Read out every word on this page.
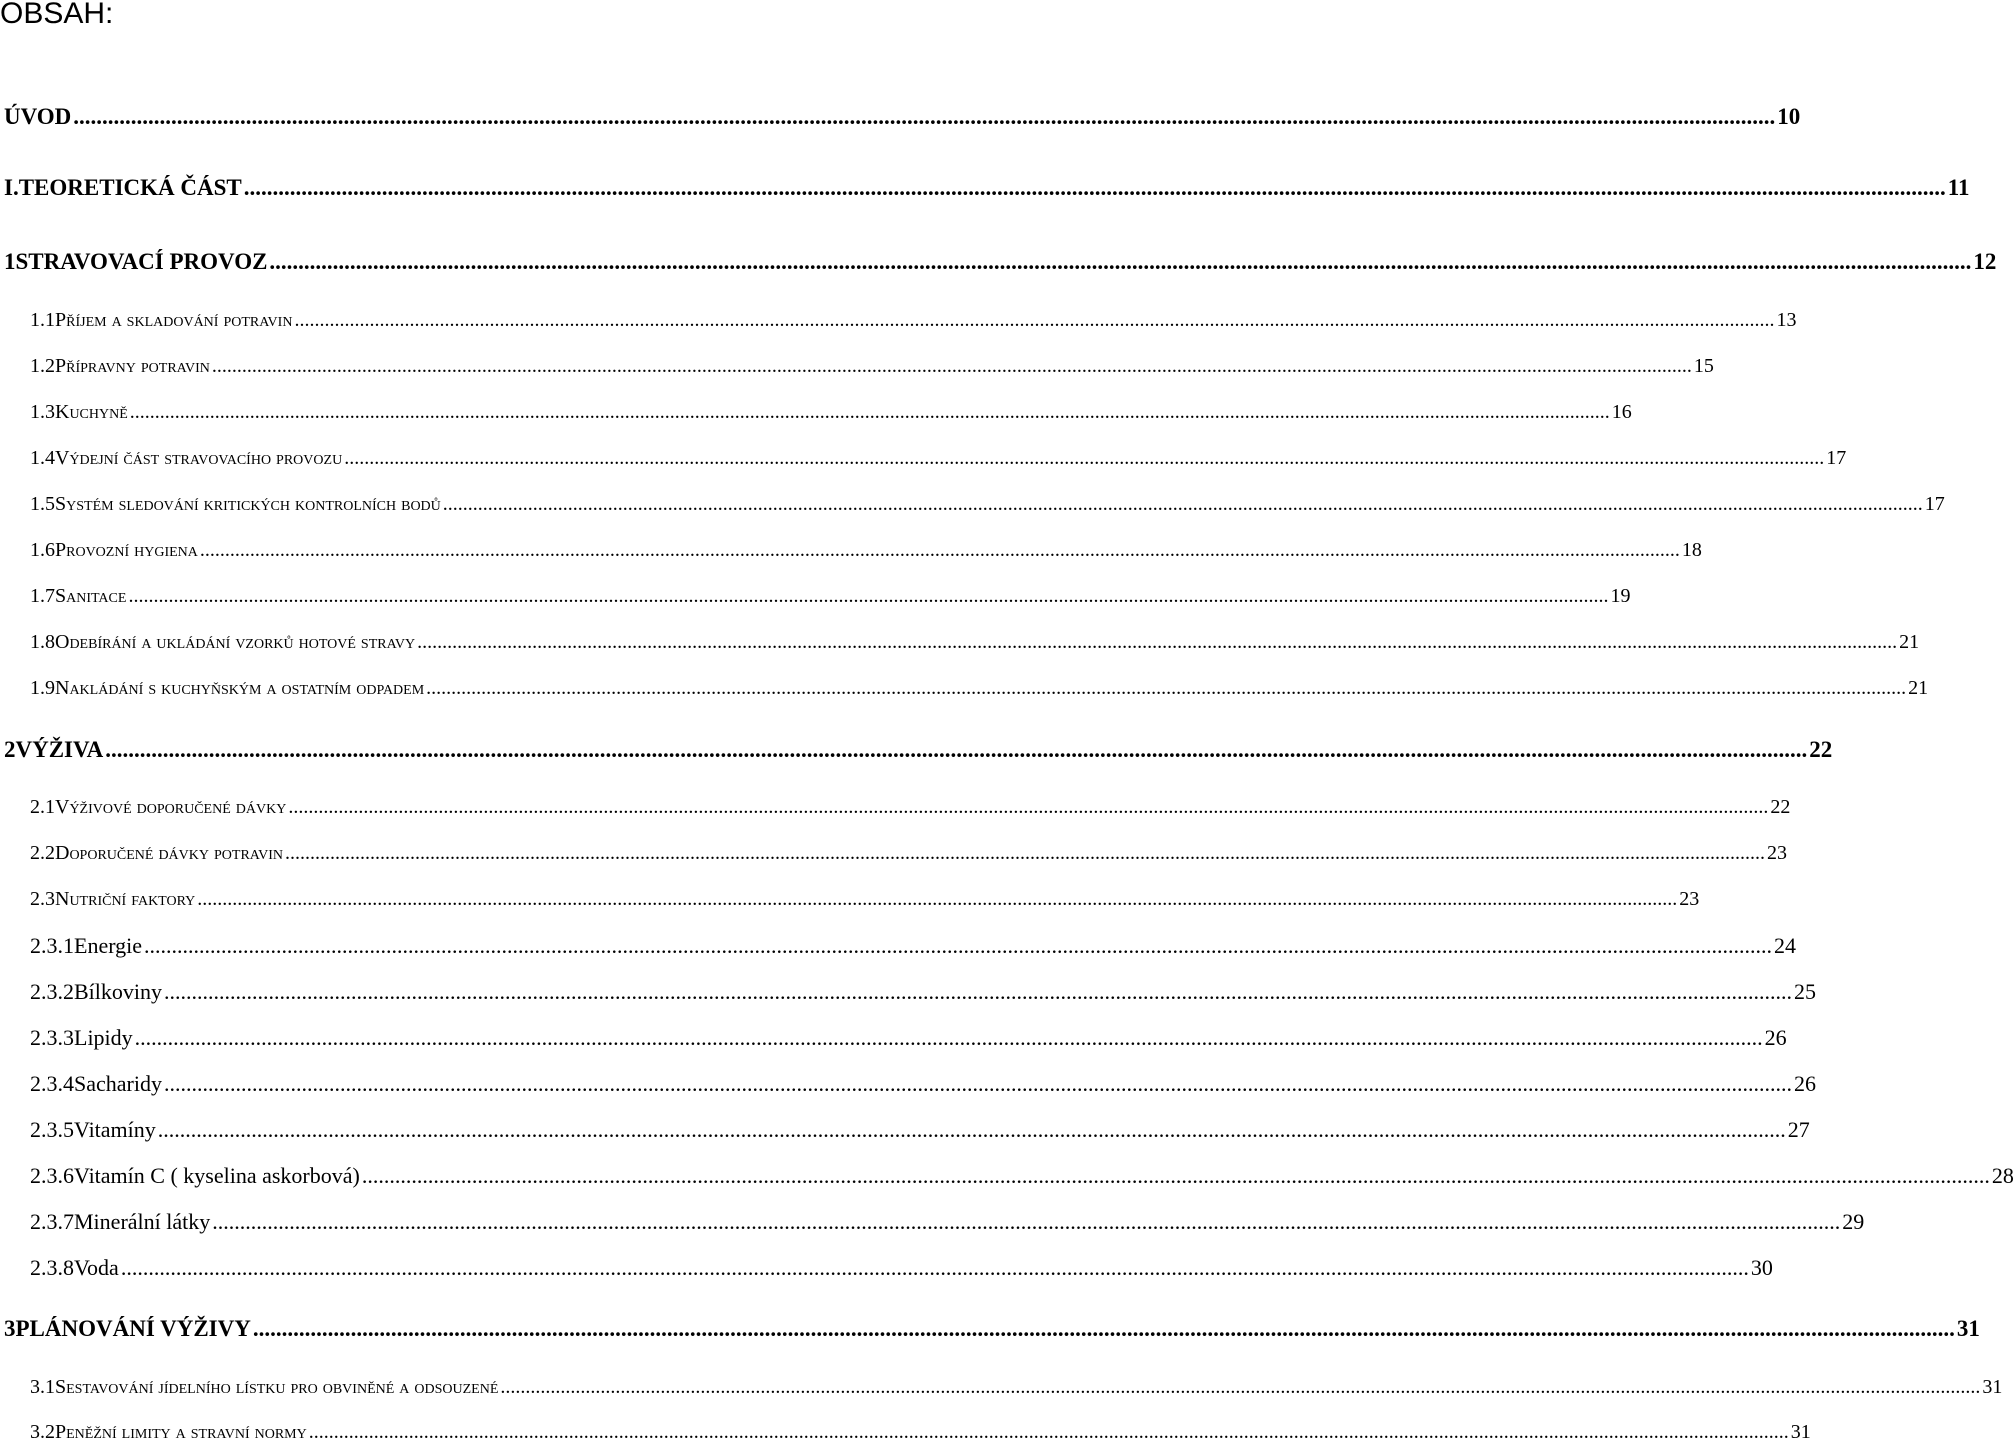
OBSAH:
ÚVOD ........................................................................................................................................................................................................................................................................................................ 10
I. TEORETICKÁ ČÁST ........................................................................................................................................................................................................................................................................................................ 11
1 STRAVOVACÍ PROVOZ ........................................................................................................................................................................................................................................................................................................ 12
1.1 Příjem a skladování potravin ........................................................................................................................................................................................................................................................................................................ 13
1.2 Přípravny potravin ........................................................................................................................................................................................................................................................................................................ 15
1.3 Kuchyně ........................................................................................................................................................................................................................................................................................................ 16
1.4 Výdejní část stravovacího provozu ........................................................................................................................................................................................................................................................................................................ 17
1.5 Systém sledování kritických kontrolních bodů ........................................................................................................................................................................................................................................................................................................ 17
1.6 Provozní hygiena ........................................................................................................................................................................................................................................................................................................ 18
1.7 Sanitace ........................................................................................................................................................................................................................................................................................................ 19
1.8 Odebírání a ukládání vzorků hotové stravy ........................................................................................................................................................................................................................................................................................................ 21
1.9 Nakládání s kuchyňským a ostatním odpadem ........................................................................................................................................................................................................................................................................................................ 21
2 VÝŽIVA ........................................................................................................................................................................................................................................................................................................ 22
2.1 Výživové doporučené dávky ........................................................................................................................................................................................................................................................................................................ 22
2.2 Doporučené dávky potravin ........................................................................................................................................................................................................................................................................................................ 23
2.3 Nutriční faktory ........................................................................................................................................................................................................................................................................................................ 23
2.3.1 Energie ........................................................................................................................................................................................................................................................................................................ 24
2.3.2 Bílkoviny ........................................................................................................................................................................................................................................................................................................ 25
2.3.3 Lipidy ........................................................................................................................................................................................................................................................................................................ 26
2.3.4 Sacharidy ........................................................................................................................................................................................................................................................................................................ 26
2.3.5 Vitamíny ........................................................................................................................................................................................................................................................................................................ 27
2.3.6 Vitamín C ( kyselina askorbová) ........................................................................................................................................................................................................................................................................................................ 28
2.3.7 Minerální látky ........................................................................................................................................................................................................................................................................................................ 29
2.3.8 Voda ........................................................................................................................................................................................................................................................................................................ 30
3 PLÁNOVÁNÍ VÝŽIVY ........................................................................................................................................................................................................................................................................................................ 31
3.1 Sestavování jídelního lístku pro obviněné a odsouzené ........................................................................................................................................................................................................................................................................................................ 31
3.2 Peněžní limity a stravní normy ........................................................................................................................................................................................................................................................................................................ 31
